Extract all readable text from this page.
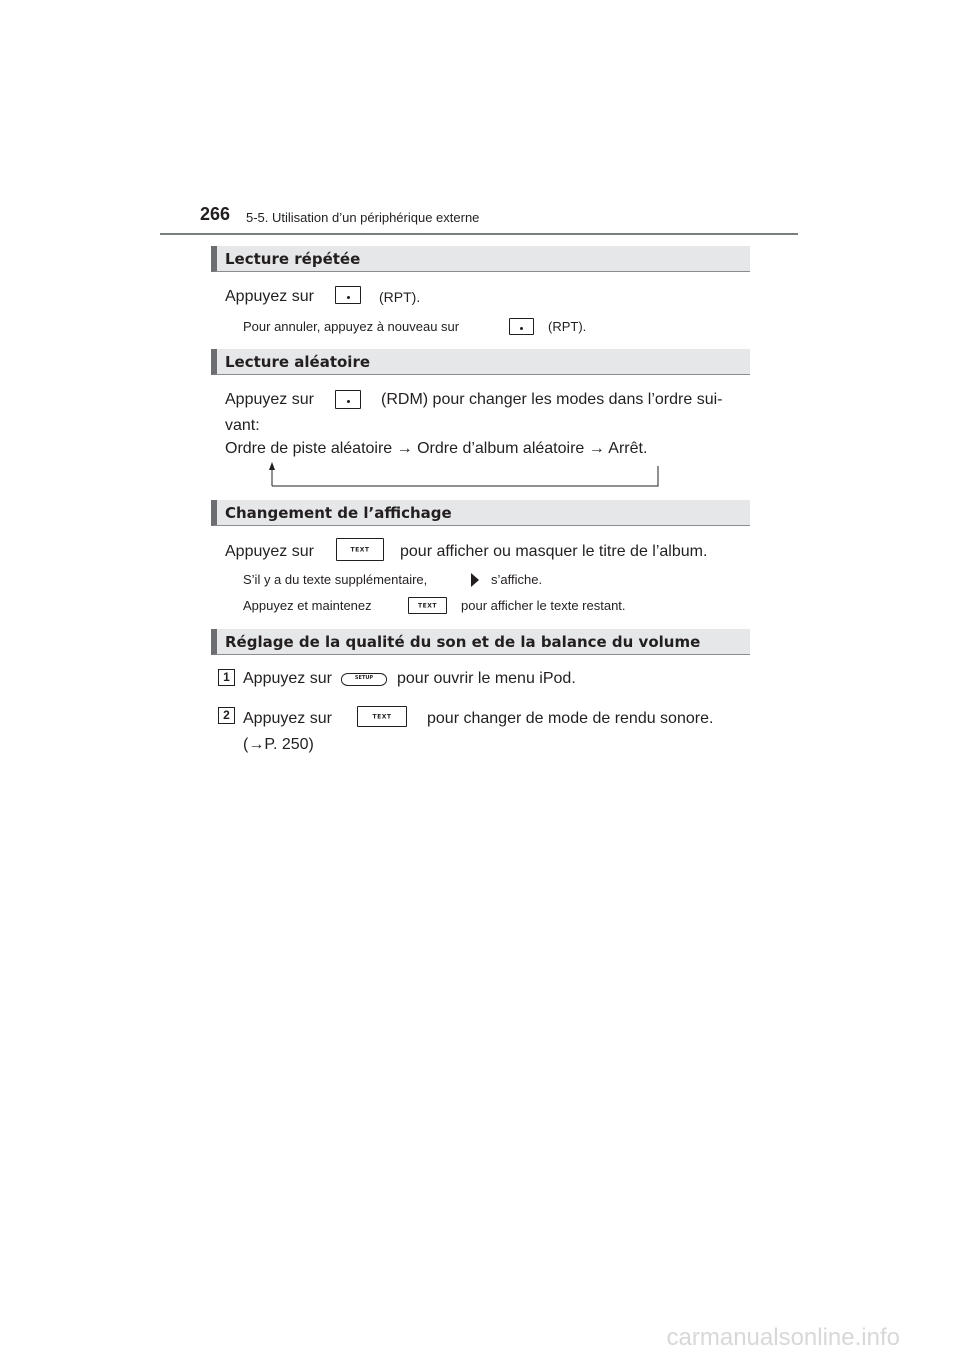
266 5-5. Utilisation d’un périphérique externe
Lecture répétée
Appuyez sur	(RPT).
Pour annuler, appuyez à nouveau sur	(RPT).
Lecture aléatoire
Appuyez sur	(RDM) pour changer les modes dans l’ordre sui-
vant:
Ordre de piste aléatoire → Ordre d’album aléatoire → Arrêt.
Changement de l’affichage
Appuyez sur	TEXT	pour afficher ou masquer le titre de l’album.
S’il y a du texte supplémentaire,	s’affiche.
Appuyez et maintenez	TEXT	pour afficher le texte restant.
Réglage de la qualité du son et de la balance du volume
1 Appuyez sur	SETUP	pour ouvrir le menu iPod.
2 Appuyez sur	TEXT	pour changer de mode de rendu sonore.
(→P. 250)
carmanualsonline.info
